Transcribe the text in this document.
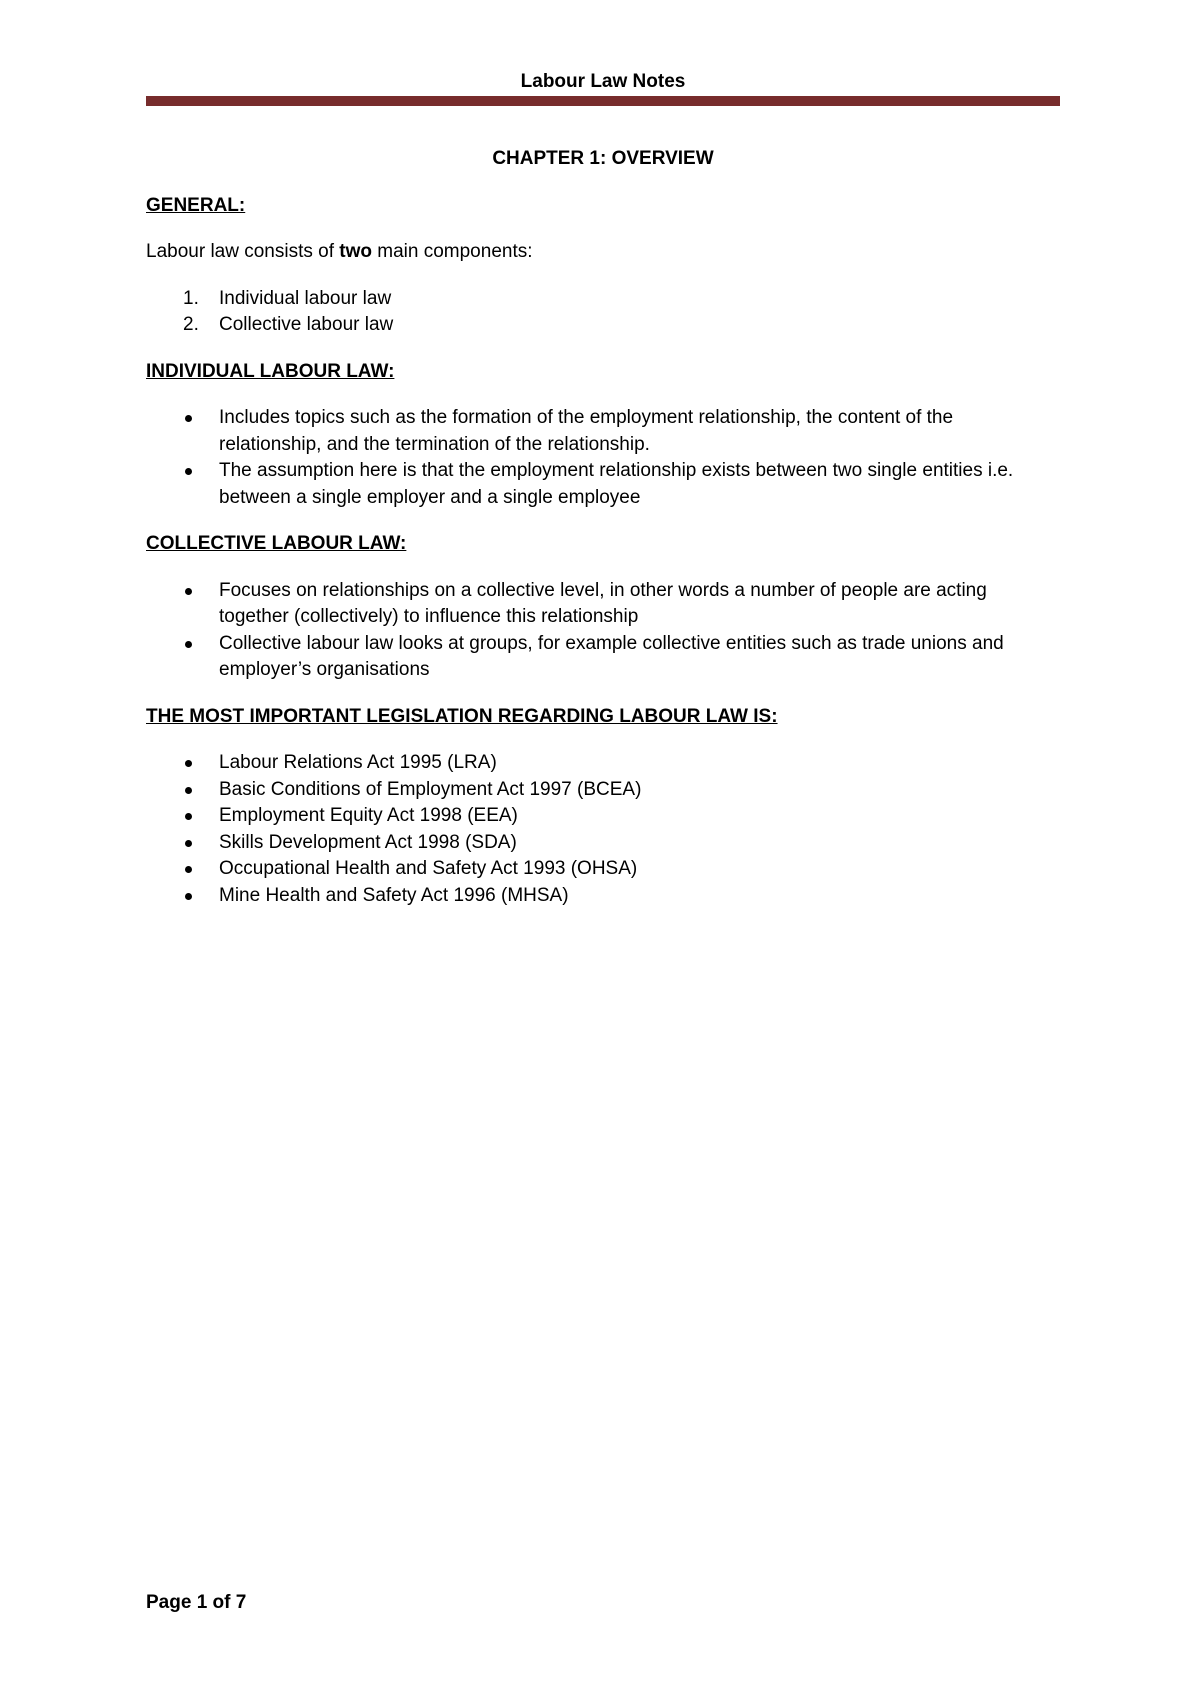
Labour Law Notes
CHAPTER 1: OVERVIEW
GENERAL:
Labour law consists of two main components:
1. Individual labour law
2. Collective labour law
INDIVIDUAL LABOUR LAW:
Includes topics such as the formation of the employment relationship, the content of the relationship, and the termination of the relationship.
The assumption here is that the employment relationship exists between two single entities i.e. between a single employer and a single employee
COLLECTIVE LABOUR LAW:
Focuses on relationships on a collective level, in other words a number of people are acting together (collectively) to influence this relationship
Collective labour law looks at groups, for example collective entities such as trade unions and employer’s organisations
THE MOST IMPORTANT LEGISLATION REGARDING LABOUR LAW IS:
Labour Relations Act 1995 (LRA)
Basic Conditions of Employment Act 1997 (BCEA)
Employment Equity Act 1998 (EEA)
Skills Development Act 1998 (SDA)
Occupational Health and Safety Act 1993 (OHSA)
Mine Health and Safety Act 1996 (MHSA)
Page 1 of 7
